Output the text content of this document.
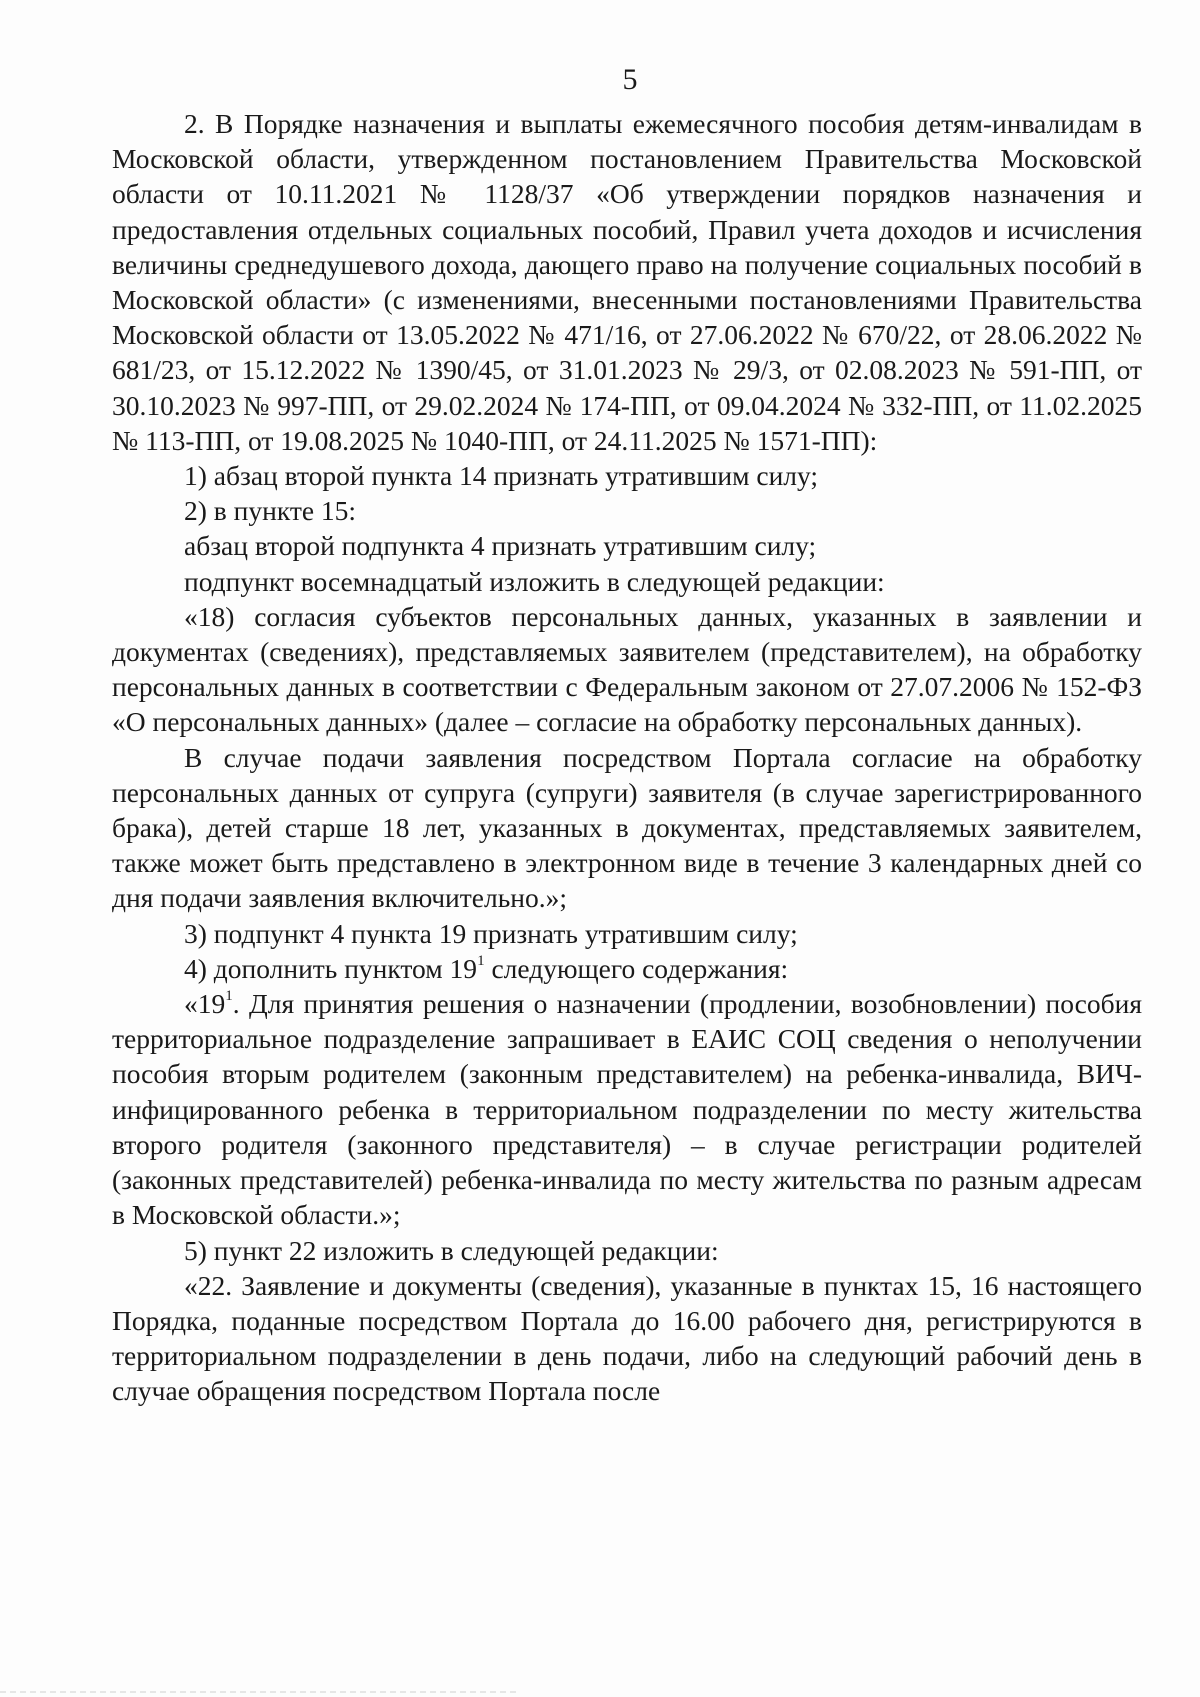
5

2. В Порядке назначения и выплаты ежемесячного пособия детям-инвалидам в Московской области, утвержденном постановлением Правительства Московской области от 10.11.2021 № 1128/37 «Об утверждении порядков назначения и предоставления отдельных социальных пособий, Правил учета доходов и исчисления величины среднедушевого дохода, дающего право на получение социальных пособий в Московской области» (с изменениями, внесенными постановлениями Правительства Московской области от 13.05.2022 № 471/16, от 27.06.2022 № 670/22, от 28.06.2022 № 681/23, от 15.12.2022 № 1390/45, от 31.01.2023 № 29/3, от 02.08.2023 № 591-ПП, от 30.10.2023 № 997-ПП, от 29.02.2024 № 174-ПП, от 09.04.2024 № 332-ПП, от 11.02.2025 № 113-ПП, от 19.08.2025 № 1040-ПП, от 24.11.2025 № 1571-ПП):

1) абзац второй пункта 14 признать утратившим силу;

2) в пункте 15:

абзац второй подпункта 4 признать утратившим силу;

подпункт восемнадцатый изложить в следующей редакции:

«18) согласия субъектов персональных данных, указанных в заявлении и документах (сведениях), представляемых заявителем (представителем), на обработку персональных данных в соответствии с Федеральным законом от 27.07.2006 № 152-ФЗ «О персональных данных» (далее – согласие на обработку персональных данных).

В случае подачи заявления посредством Портала согласие на обработку персональных данных от супруга (супруги) заявителя (в случае зарегистрированного брака), детей старше 18 лет, указанных в документах, представляемых заявителем, также может быть представлено в электронном виде в течение 3 календарных дней со дня подачи заявления включительно.»;

3) подпункт 4 пункта 19 признать утратившим силу;

4) дополнить пунктом $19^1$ следующего содержания:

«$19^1$. Для принятия решения о назначении (продлении, возобновлении) пособия территориальное подразделение запрашивает в ЕАИС СОЦ сведения о неполучении пособия вторым родителем (законным представителем) на ребенка-инвалида, ВИЧ-инфицированного ребенка в территориальном подразделении по месту жительства второго родителя (законного представителя) – в случае регистрации родителей (законных представителей) ребенка-инвалида по месту жительства по разным адресам в Московской области.»;

5) пункт 22 изложить в следующей редакции:

«22. Заявление и документы (сведения), указанные в пунктах 15, 16 настоящего Порядка, поданные посредством Портала до 16.00 рабочего дня, регистрируются в территориальном подразделении в день подачи, либо на следующий рабочий день в случае обращения посредством Портала после
